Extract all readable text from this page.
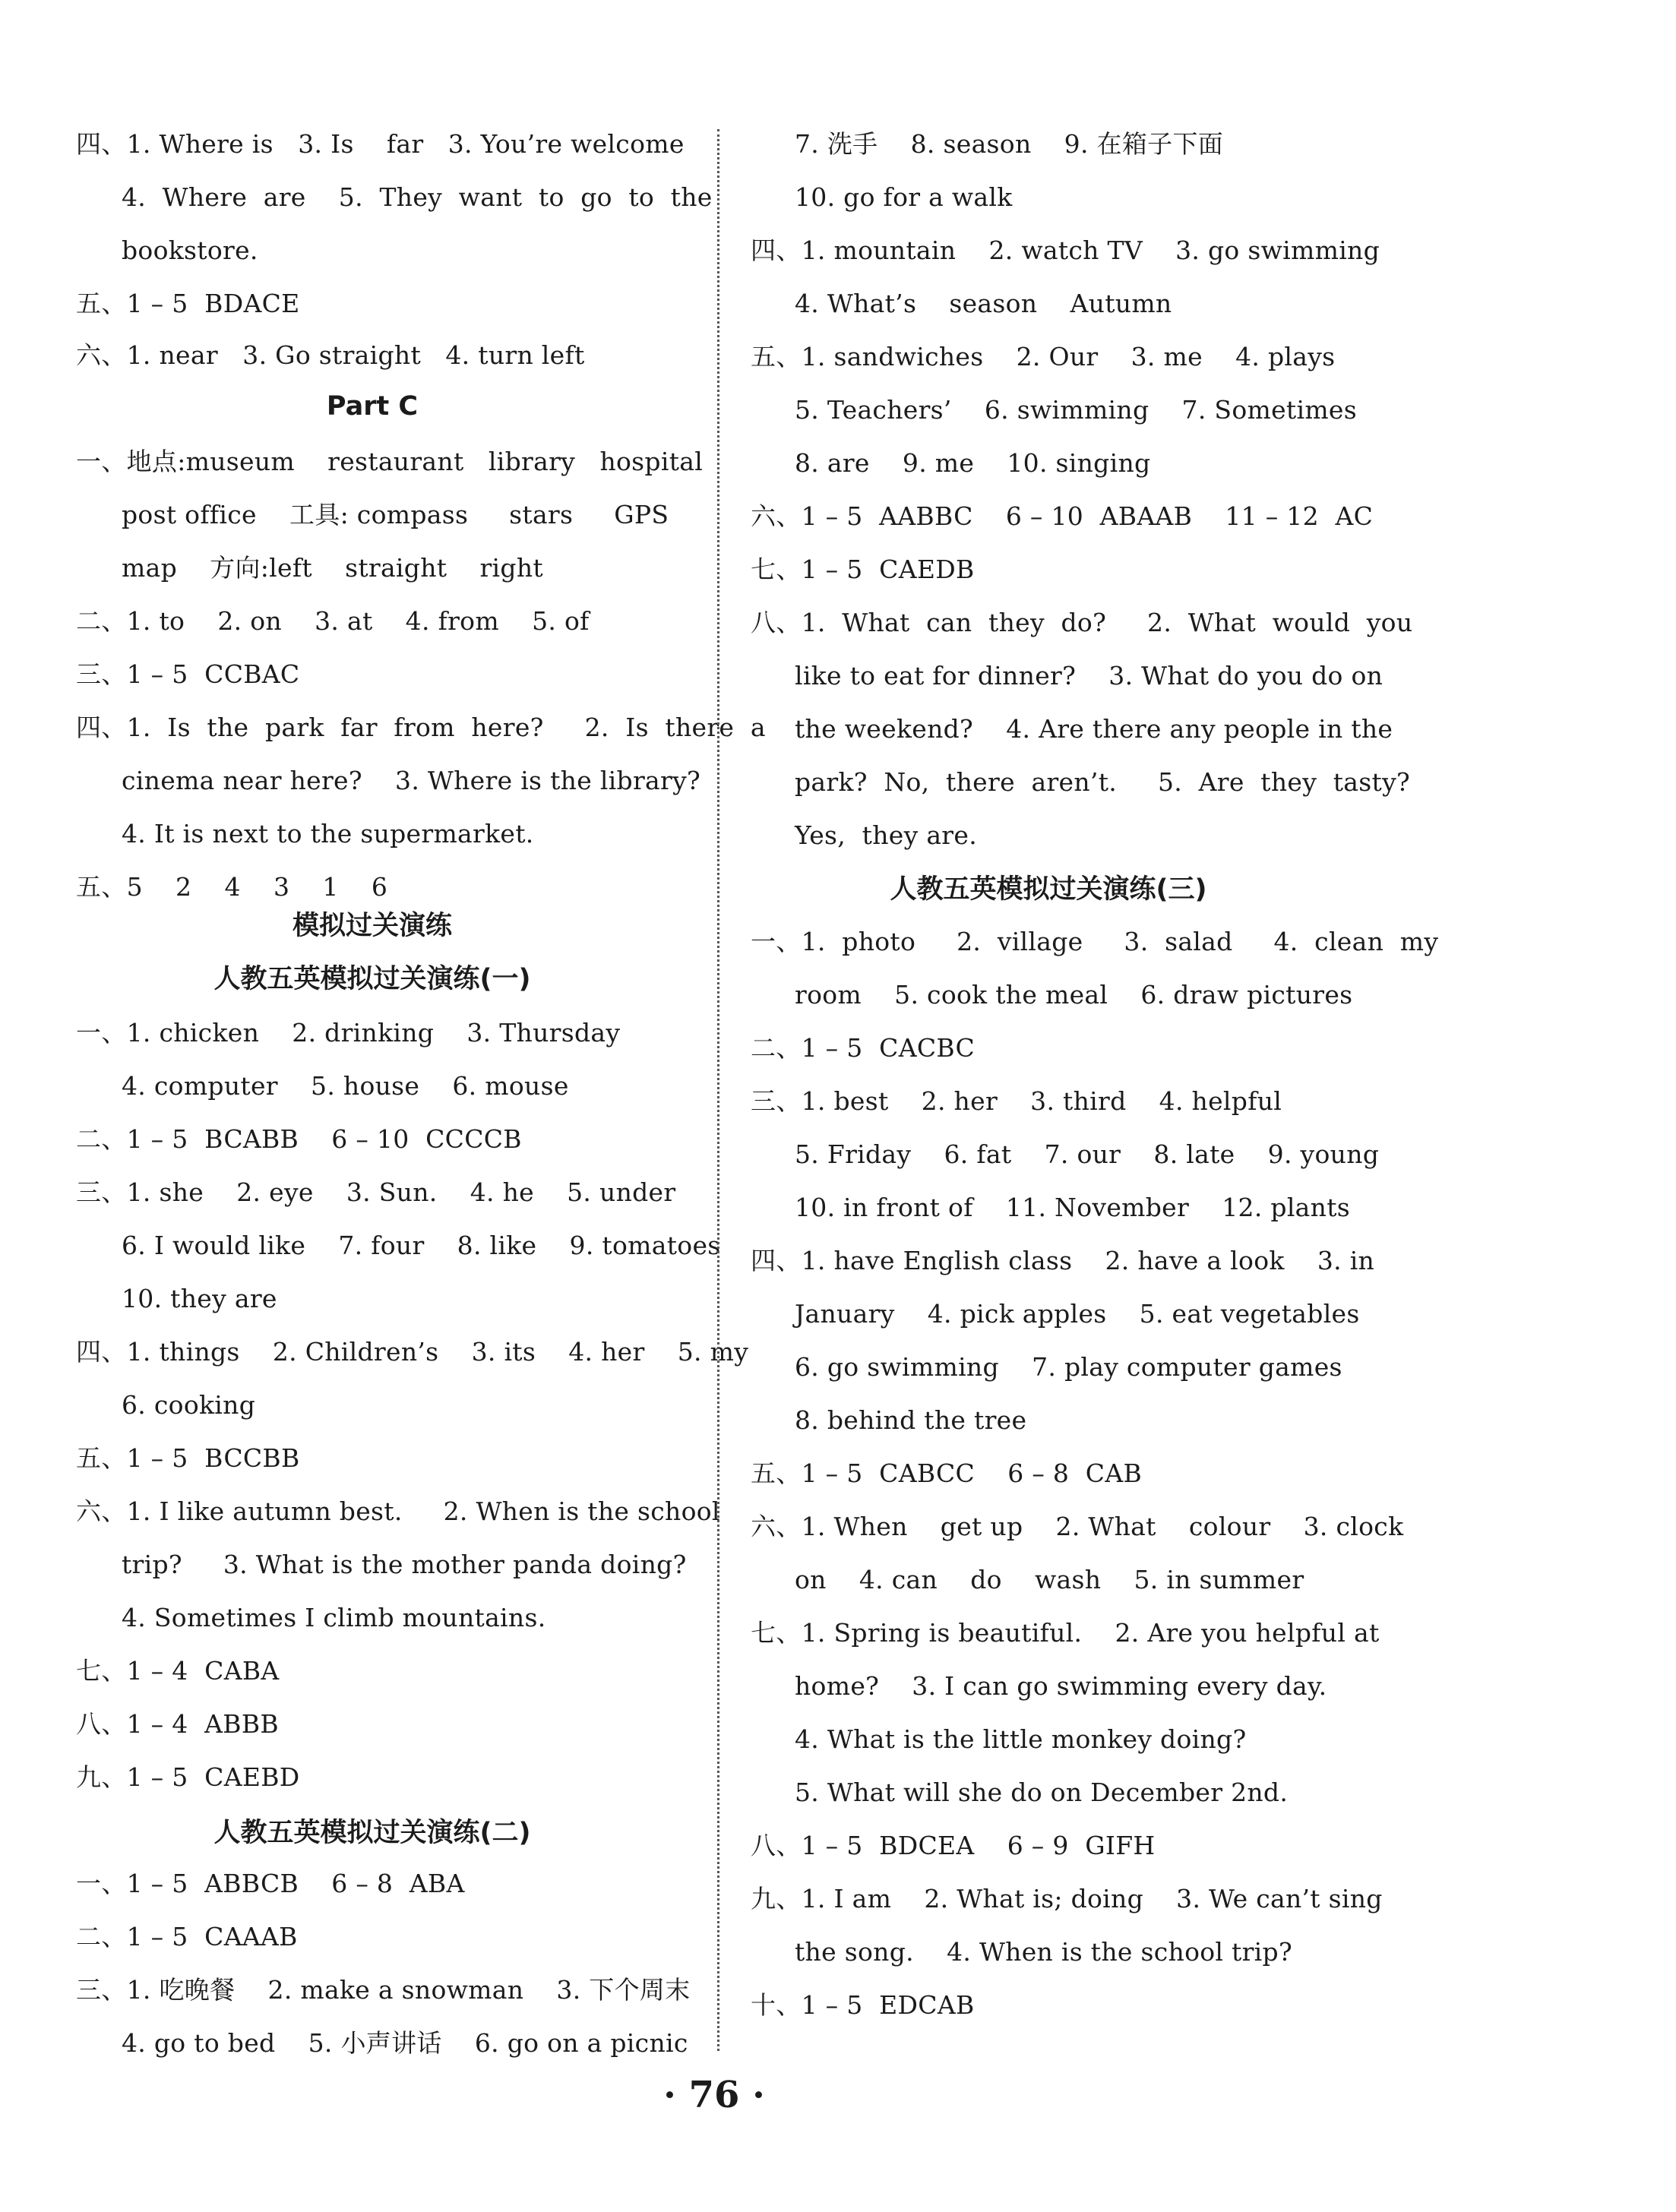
四、1. Where is   3. Is    far   3. You’re welcome
4.  Where  are    5.  They  want  to  go  to  the
bookstore.
五、1 – 5  BDACE
六、1. near   3. Go straight   4. turn left
一、地点:museum    restaurant   library   hospital
post office    工具: compass     stars     GPS
map    方向:left    straight    right
二、1. to    2. on    3. at    4. from    5. of
三、1 – 5  CCBAC
四、1.  Is  the  park  far  from  here?     2.  Is  there  a
cinema near here?    3. Where is the library?
4. It is next to the supermarket.
五、5    2    4    3    1    6
一、1. chicken    2. drinking    3. Thursday
4. computer    5. house    6. mouse
二、1 – 5  BCABB    6 – 10  CCCCB
三、1. she    2. eye    3. Sun.    4. he    5. under
6. I would like    7. four    8. like    9. tomatoes
10. they are
四、1. things    2. Children’s    3. its    4. her    5. my
6. cooking
五、1 – 5  BCCBB
六、1. I like autumn best.     2. When is the school
trip?     3. What is the mother panda doing?
4. Sometimes I climb mountains.
七、1 – 4  CABA
八、1 – 4  ABBB
九、1 – 5  CAEBD
一、1 – 5  ABBCB    6 – 8  ABA
二、1 – 5  CAAAB
三、1. 吃晚餐    2. make a snowman    3. 下个周末
4. go to bed    5. 小声讲话    6. go on a picnic
Part C
模拟过关演练
人教五英模拟过关演练(一)
人教五英模拟过关演练(二)
7. 洗手    8. season    9. 在箱子下面
10. go for a walk
四、1. mountain    2. watch TV    3. go swimming
4. What’s    season    Autumn
五、1. sandwiches    2. Our    3. me    4. plays
5. Teachers’    6. swimming    7. Sometimes
8. are    9. me    10. singing
六、1 – 5  AABBC    6 – 10  ABAAB    11 – 12  AC
七、1 – 5  CAEDB
八、1.  What  can  they  do?     2.  What  would  you
like to eat for dinner?    3. What do you do on
the weekend?    4. Are there any people in the
park?  No,  there  aren’t.     5.  Are  they  tasty?
Yes,  they are.
一、1.  photo     2.  village     3.  salad     4.  clean  my
room    5. cook the meal    6. draw pictures
二、1 – 5  CACBC
三、1. best    2. her    3. third    4. helpful
5. Friday    6. fat    7. our    8. late    9. young
10. in front of    11. November    12. plants
四、1. have English class    2. have a look    3. in
January    4. pick apples    5. eat vegetables
6. go swimming    7. play computer games
8. behind the tree
五、1 – 5  CABCC    6 – 8  CAB
六、1. When    get up    2. What    colour    3. clock
on    4. can    do    wash    5. in summer
七、1. Spring is beautiful.    2. Are you helpful at
home?    3. I can go swimming every day.
4. What is the little monkey doing?
5. What will she do on December 2nd.
八、1 – 5  BDCEA    6 – 9  GIFH
九、1. I am    2. What is; doing    3. We can’t sing
the song.    4. When is the school trip?
十、1 – 5  EDCAB
人教五英模拟过关演练(三)
· 76 ·
